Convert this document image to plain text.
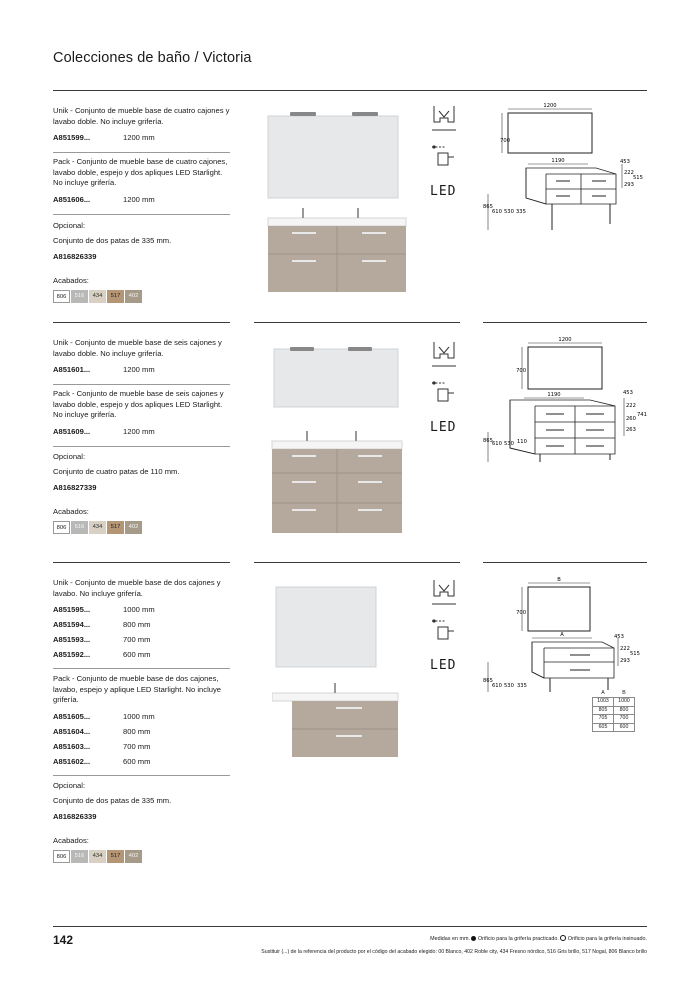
Colecciones de baño / Victoria
Unik - Conjunto de mueble base de cuatro cajones y lavabo doble. No incluye grifería.
A851599...	1200 mm
Pack - Conjunto de mueble base de cuatro cajones, lavabo doble, espejo y dos apliques LED Starlight. No incluye grifería.
A851606...	1200 mm
Opcional:
Conjunto de dos patas de 335 mm.
A816826339
Acabados:
806	516	434	517	402

LED
1200
700
1190	453
222
515
293
865
610 530 335
Unik - Conjunto de mueble base de seis cajones y lavabo doble. No incluye grifería.
A851601...	1200 mm
Pack - Conjunto de mueble base de seis cajones y lavabo doble, espejo y dos apliques LED Starlight. No incluye grifería.
A851609...	1200 mm
Opcional:
Conjunto de cuatro patas de 110 mm.
A816827339
Acabados:
806	516	434	517	402

LED
1200
700
1190	453
222
741
260
263
865 610 530 110
Unik - Conjunto de mueble base de dos cajones y lavabo. No incluye grifería.
A851595...	1000 mm
A851594...	800 mm
A851593...	700 mm
A851592...	600 mm
Pack - Conjunto de mueble base de dos cajones, lavabo, espejo y aplique LED Starlight. No incluye grifería.
A851605...	1000 mm
A851604...	800 mm
A851603...	700 mm
A851602...	600 mm
Opcional:
Conjunto de dos patas de 335 mm.
A816826339
Acabados:
806	516	434	517	402

LED
B
700
A	453
222
515
293
865
610 530 335
A	B
1003	1000
805	800
705	700
605	600
142	Medidas en mm. Orificio para la grifería practicado. Orificio para la grifería insinuado.
Sustituir (...) de la referencia del producto por el código del acabado elegido: 00 Blanco, 402 Roble city, 434 Fresno nórdico, 516 Gris brillo, 517 Nogal, 806 Blanco brillo
